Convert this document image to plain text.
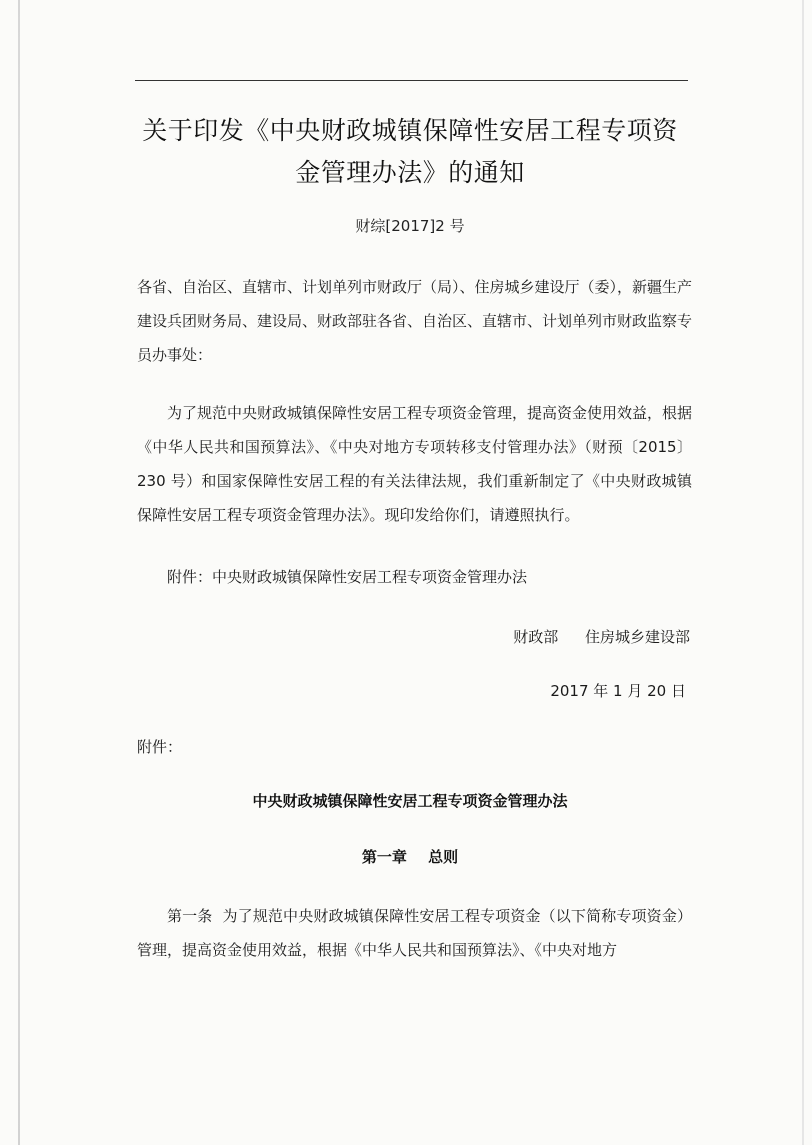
关于印发《中央财政城镇保障性安居工程专项资金管理办法》的通知
财综[2017]2 号
各省、自治区、直辖市、计划单列市财政厅（局）、住房城乡建设厅（委），新疆生产建设兵团财务局、建设局、财政部驻各省、自治区、直辖市、计划单列市财政监察专员办事处：
为了规范中央财政城镇保障性安居工程专项资金管理，提高资金使用效益，根据《中华人民共和国预算法》、《中央对地方专项转移支付管理办法》（财预〔2015〕230 号）和国家保障性安居工程的有关法律法规，我们重新制定了《中央财政城镇保障性安居工程专项资金管理办法》。现印发给你们，请遵照执行。
附件：中央财政城镇保障性安居工程专项资金管理办法
财政部 住房城乡建设部
2017 年 1 月 20 日
附件：
中央财政城镇保障性安居工程专项资金管理办法
第一章 总则
第一条 为了规范中央财政城镇保障性安居工程专项资金（以下简称专项资金）管理，提高资金使用效益，根据《中华人民共和国预算法》、《中央对地方
